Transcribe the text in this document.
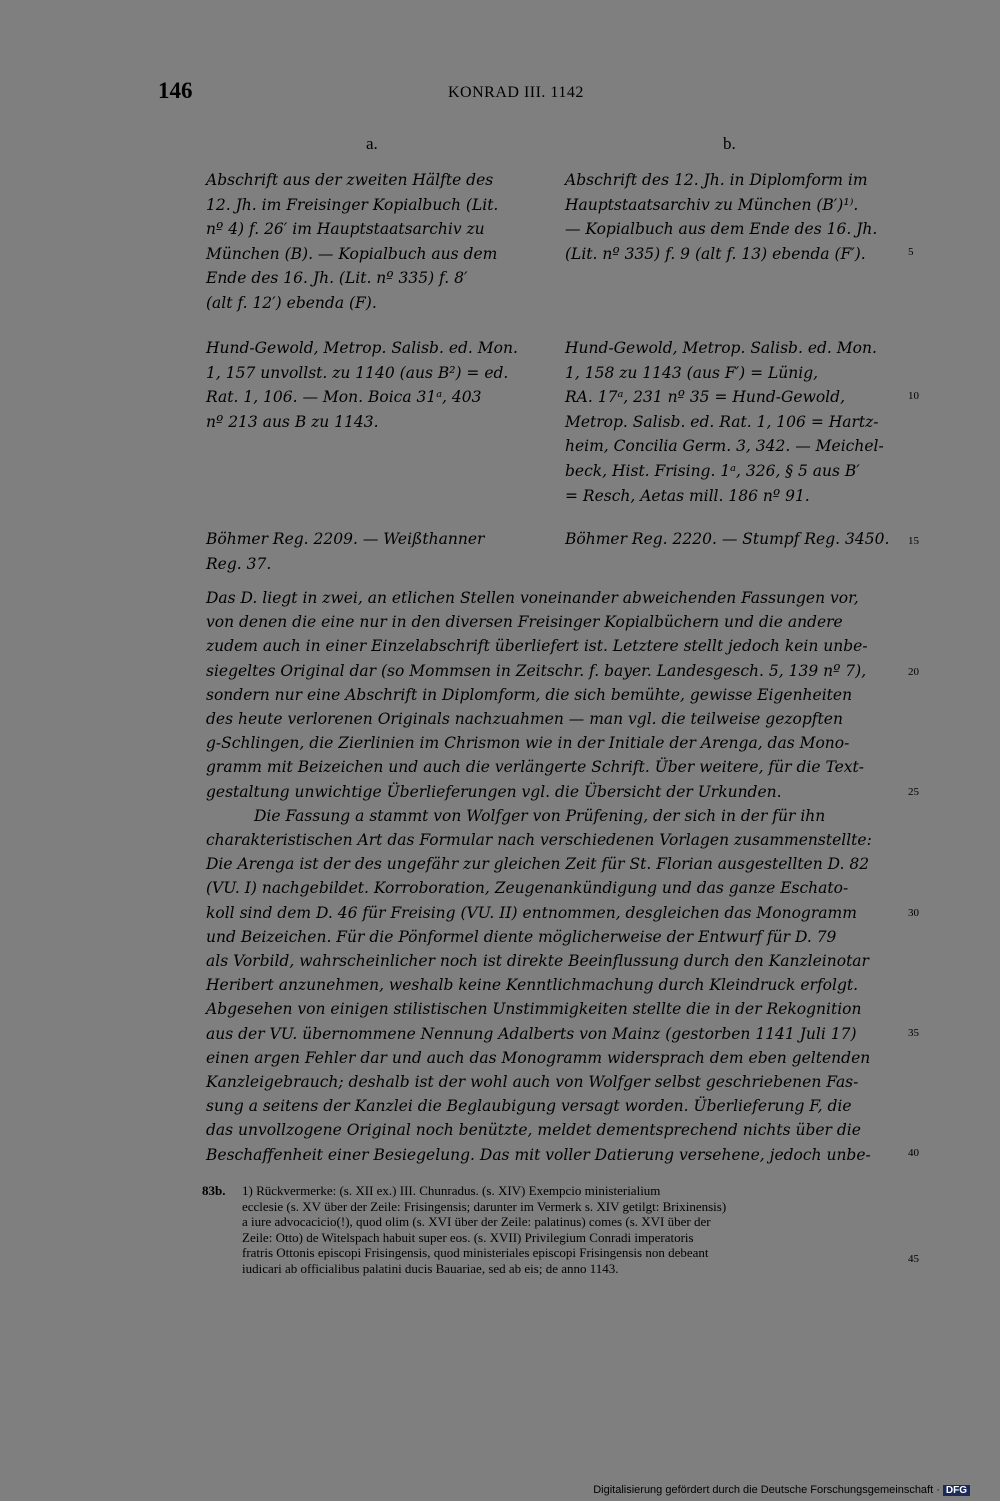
146	KONRAD III. 1142
a.	b.
Abschrift aus der zweiten Hälfte des
12. Jh. im Freisinger Kopialbuch (Lit.
nº 4) f. 26′ im Hauptstaatsarchiv zu
München (B). — Kopialbuch aus dem
Ende des 16. Jh. (Lit. nº 335) f. 8′
(alt f. 12′) ebenda (F).
Hund-Gewold, Metrop. Salisb. ed. Mon.
1, 157 unvollst. zu 1140 (aus B²) = ed.
Rat. 1, 106. — Mon. Boica 31ᵃ, 403
nº 213 aus B zu 1143.
Böhmer Reg. 2209. — Weißthanner
Reg. 37.
Abschrift des 12. Jh. in Diplomform im
Hauptstaatsarchiv zu München (B′)¹⁾.
— Kopialbuch aus dem Ende des 16. Jh.
(Lit. nº 335) f. 9 (alt f. 13) ebenda (F′).
Hund-Gewold, Metrop. Salisb. ed. Mon.
1, 158 zu 1143 (aus F′) = Lünig,
RA. 17ᵃ, 231 nº 35 = Hund-Gewold,
Metrop. Salisb. ed. Rat. 1, 106 = Hartz-
heim, Concilia Germ. 3, 342. — Meichel-
beck, Hist. Frising. 1ᵃ, 326, § 5 aus B′
= Resch, Aetas mill. 186 nº 91.
Böhmer Reg. 2220. — Stumpf Reg. 3450.
Das D. liegt in zwei, an etlichen Stellen voneinander abweichenden Fassungen vor,
von denen die eine nur in den diversen Freisinger Kopialbüchern und die andere
zudem auch in einer Einzelabschrift überliefert ist. Letztere stellt jedoch kein unbe-
siegeltes Original dar (so Mommsen in Zeitschr. f. bayer. Landesgesch. 5, 139 nº 7),
sondern nur eine Abschrift in Diplomform, die sich bemühte, gewisse Eigenheiten
des heute verlorenen Originals nachzuahmen — man vgl. die teilweise gezopften
g-Schlingen, die Zierlinien im Chrismon wie in der Initiale der Arenga, das Mono-
gramm mit Beizeichen und auch die verlängerte Schrift. Über weitere, für die Text-
gestaltung unwichtige Überlieferungen vgl. die Übersicht der Urkunden.
Die Fassung a stammt von Wolfger von Prüfening, der sich in der für ihn
charakteristischen Art das Formular nach verschiedenen Vorlagen zusammenstellte:
Die Arenga ist der des ungefähr zur gleichen Zeit für St. Florian ausgestellten D. 82
(VU. I) nachgebildet. Korroboration, Zeugenankündigung und das ganze Eschato-
koll sind dem D. 46 für Freising (VU. II) entnommen, desgleichen das Monogramm
und Beizeichen. Für die Pönformel diente möglicherweise der Entwurf für D. 79
als Vorbild, wahrscheinlicher noch ist direkte Beeinflussung durch den Kanzleinotar
Heribert anzunehmen, weshalb keine Kenntlichmachung durch Kleindruck erfolgt.
Abgesehen von einigen stilistischen Unstimmigkeiten stellte die in der Rekognition
aus der VU. übernommene Nennung Adalberts von Mainz (gestorben 1141 Juli 17)
einen argen Fehler dar und auch das Monogramm widersprach dem eben geltenden
Kanzleigebrauch; deshalb ist der wohl auch von Wolfger selbst geschriebenen Fas-
sung a seitens der Kanzlei die Beglaubigung versagt worden. Überlieferung F, die
das unvollzogene Original noch benützte, meldet dementsprechend nichts über die
Beschaffenheit einer Besiegelung. Das mit voller Datierung versehene, jedoch unbe-
5
10
15
20
25
30
35
40
45
83b. 1) Rückvermerke: (s. XII ex.) III. Chunradus. (s. XIV) Exempcio ministerialium
ecclesie (s. XV über der Zeile: Frisingensis; darunter im Vermerk s. XIV getilgt: Brixinensis)
a iure advocacicio(!), quod olim (s. XVI über der Zeile: palatinus) comes (s. XVI über der
Zeile: Otto) de Witelspach habuit super eos. (s. XVII) Privilegium Conradi imperatoris
fratris Ottonis episcopi Frisingensis, quod ministeriales episcopi Frisingensis non debeant
iudicari ab officialibus palatini ducis Bauariae, sed ab eis; de anno 1143.
Digitalisierung gefördert durch die Deutsche Forschungsgemeinschaft · DFG
